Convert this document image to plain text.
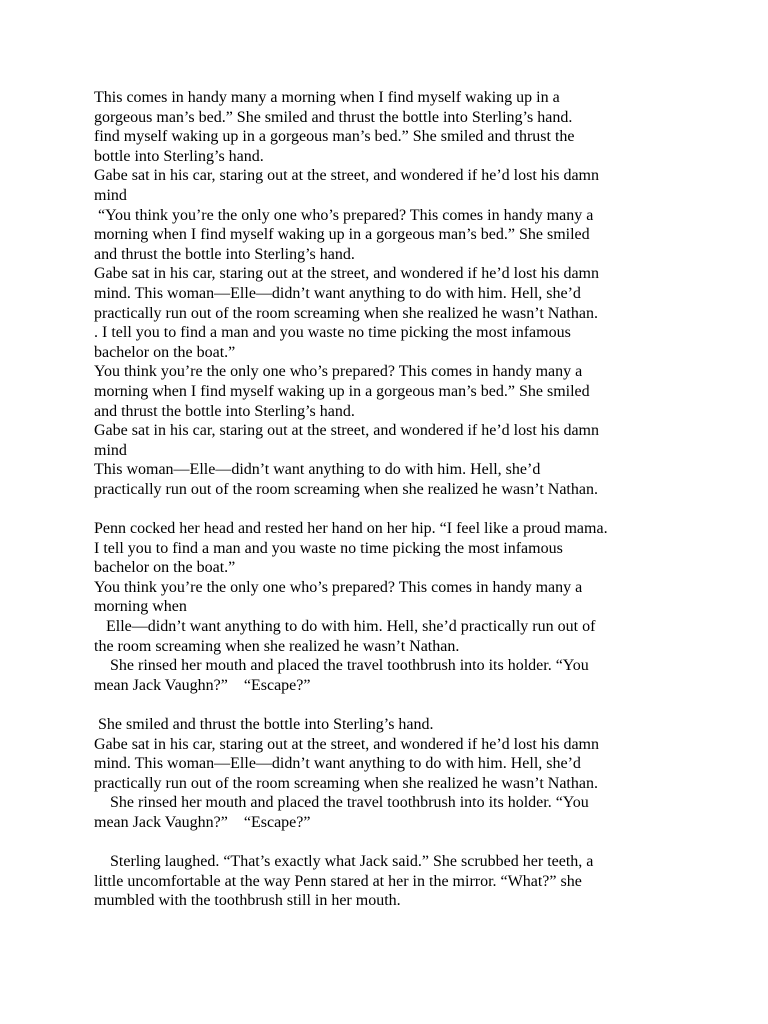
This comes in handy many a morning when I find myself waking up in a
gorgeous man’s bed.” She smiled and thrust the bottle into Sterling’s hand.
find myself waking up in a gorgeous man’s bed.” She smiled and thrust the
bottle into Sterling’s hand.
Gabe sat in his car, staring out at the street, and wondered if he’d lost his damn
mind
“You think you’re the only one who’s prepared? This comes in handy many a
morning when I find myself waking up in a gorgeous man’s bed.” She smiled
and thrust the bottle into Sterling’s hand.
Gabe sat in his car, staring out at the street, and wondered if he’d lost his damn
mind. This woman—Elle—didn’t want anything to do with him. Hell, she’d
practically run out of the room screaming when she realized he wasn’t Nathan.
. I tell you to find a man and you waste no time picking the most infamous
bachelor on the boat.”
You think you’re the only one who’s prepared? This comes in handy many a
morning when I find myself waking up in a gorgeous man’s bed.” She smiled
and thrust the bottle into Sterling’s hand.
Gabe sat in his car, staring out at the street, and wondered if he’d lost his damn
mind
This woman—Elle—didn’t want anything to do with him. Hell, she’d
practically run out of the room screaming when she realized he wasn’t Nathan.
Penn cocked her head and rested her hand on her hip. “I feel like a proud mama.
I tell you to find a man and you waste no time picking the most infamous
bachelor on the boat.”
You think you’re the only one who’s prepared? This comes in handy many a
morning when
Elle—didn’t want anything to do with him. Hell, she’d practically run out of
the room screaming when she realized he wasn’t Nathan.
She rinsed her mouth and placed the travel toothbrush into its holder. “You
mean Jack Vaughn?”    “Escape?”
She smiled and thrust the bottle into Sterling’s hand.
Gabe sat in his car, staring out at the street, and wondered if he’d lost his damn
mind. This woman—Elle—didn’t want anything to do with him. Hell, she’d
practically run out of the room screaming when she realized he wasn’t Nathan.
She rinsed her mouth and placed the travel toothbrush into its holder. “You
mean Jack Vaughn?”    “Escape?”
Sterling laughed. “That’s exactly what Jack said.” She scrubbed her teeth, a
little uncomfortable at the way Penn stared at her in the mirror. “What?” she
mumbled with the toothbrush still in her mouth.
